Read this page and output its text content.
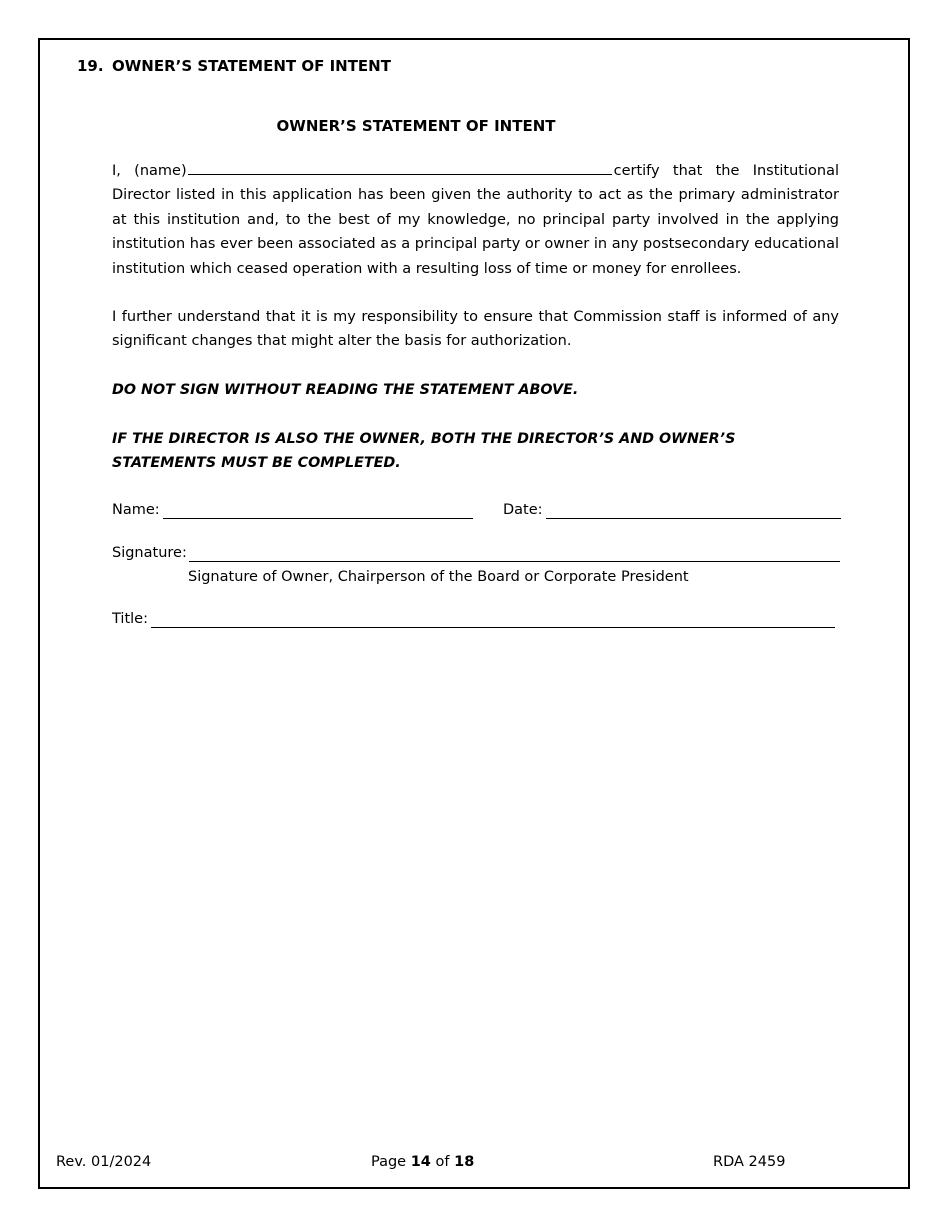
19. OWNER’S STATEMENT OF INTENT
OWNER’S STATEMENT OF INTENT
I, (name)	certify that the Institutional Director listed in this application has been given the authority to act as the primary administrator at this institution and, to the best of my knowledge, no principal party involved in the applying institution has ever been associated as a principal party or owner in any postsecondary educational institution which ceased operation with a resulting loss of time or money for enrollees.
I further understand that it is my responsibility to ensure that Commission staff is informed of any significant changes that might alter the basis for authorization.
DO NOT SIGN WITHOUT READING THE STATEMENT ABOVE.
IF THE DIRECTOR IS ALSO THE OWNER, BOTH THE DIRECTOR’S AND OWNER’S STATEMENTS MUST BE COMPLETED.
Name:	Date:
Signature:
Signature of Owner, Chairperson of the Board or Corporate President
Title:
Rev. 01/2024	Page 14 of 18	RDA 2459
